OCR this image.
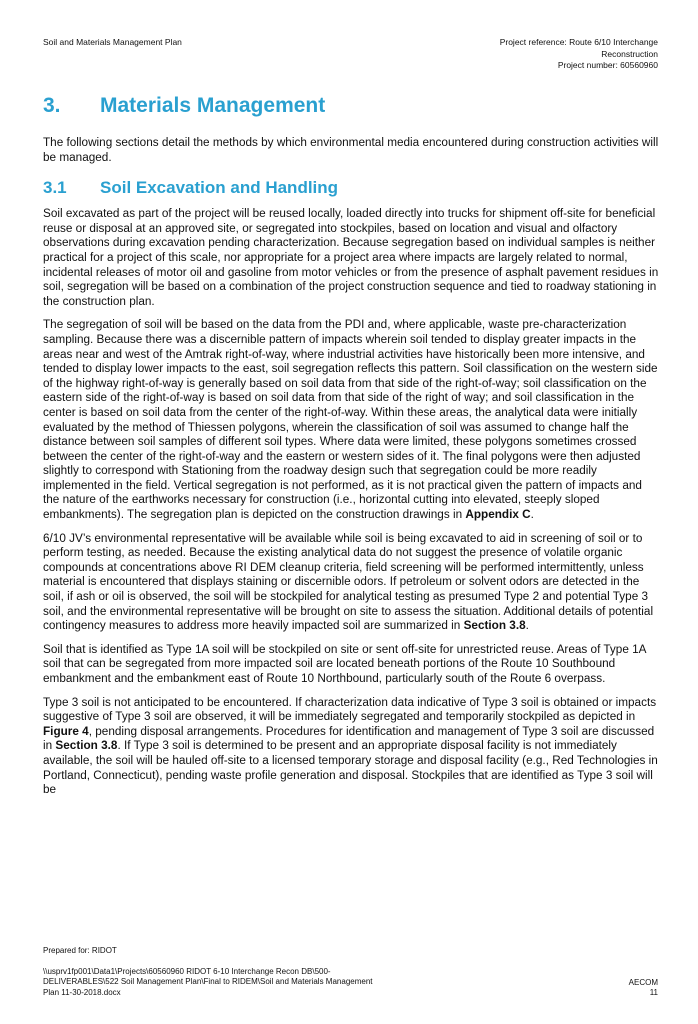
Soil and Materials Management Plan	Project reference: Route 6/10 Interchange
Reconstruction
Project number: 60560960
3. Materials Management

The following sections detail the methods by which environmental media encountered during construction activities will be managed.

3.1 Soil Excavation and Handling

Soil excavated as part of the project will be reused locally, loaded directly into trucks for shipment off-site for beneficial reuse or disposal at an approved site, or segregated into stockpiles, based on location and visual and olfactory observations during excavation pending characterization. Because segregation based on individual samples is neither practical for a project of this scale, nor appropriate for a project area where impacts are largely related to normal, incidental releases of motor oil and gasoline from motor vehicles or from the presence of asphalt pavement residues in soil, segregation will be based on a combination of the project construction sequence and tied to roadway stationing in the construction plan.

The segregation of soil will be based on the data from the PDI and, where applicable, waste pre-characterization sampling. Because there was a discernible pattern of impacts wherein soil tended to display greater impacts in the areas near and west of the Amtrak right-of-way, where industrial activities have historically been more intensive, and tended to display lower impacts to the east, soil segregation reflects this pattern. Soil classification on the western side of the highway right-of-way is generally based on soil data from that side of the right-of-way; soil classification on the eastern side of the right-of-way is based on soil data from that side of the right of way; and soil classification in the center is based on soil data from the center of the right-of-way. Within these areas, the analytical data were initially evaluated by the method of Thiessen polygons, wherein the classification of soil was assumed to change half the distance between soil samples of different soil types. Where data were limited, these polygons sometimes crossed between the center of the right-of-way and the eastern or western sides of it. The final polygons were then adjusted slightly to correspond with Stationing from the roadway design such that segregation could be more readily implemented in the field. Vertical segregation is not performed, as it is not practical given the pattern of impacts and the nature of the earthworks necessary for construction (i.e., horizontal cutting into elevated, steeply sloped embankments). The segregation plan is depicted on the construction drawings in Appendix C.

6/10 JV’s environmental representative will be available while soil is being excavated to aid in screening of soil or to perform testing, as needed. Because the existing analytical data do not suggest the presence of volatile organic compounds at concentrations above RI DEM cleanup criteria, field screening will be performed intermittently, unless material is encountered that displays staining or discernible odors. If petroleum or solvent odors are detected in the soil, if ash or oil is observed, the soil will be stockpiled for analytical testing as presumed Type 2 and potential Type 3 soil, and the environmental representative will be brought on site to assess the situation. Additional details of potential contingency measures to address more heavily impacted soil are summarized in Section 3.8.

Soil that is identified as Type 1A soil will be stockpiled on site or sent off-site for unrestricted reuse. Areas of Type 1A soil that can be segregated from more impacted soil are located beneath portions of the Route 10 Southbound embankment and the embankment east of Route 10 Northbound, particularly south of the Route 6 overpass.

Type 3 soil is not anticipated to be encountered. If characterization data indicative of Type 3 soil is obtained or impacts suggestive of Type 3 soil are observed, it will be immediately segregated and temporarily stockpiled as depicted in Figure 4, pending disposal arrangements. Procedures for identification and management of Type 3 soil are discussed in Section 3.8. If Type 3 soil is determined to be present and an appropriate disposal facility is not immediately available, the soil will be hauled off-site to a licensed temporary storage and disposal facility (e.g., Red Technologies in Portland, Connecticut), pending waste profile generation and disposal. Stockpiles that are identified as Type 3 soil will be

Prepared for: RIDOT
\\usprv1fp001\Data1\Projects\60560960 RIDOT 6-10 Interchange Recon DB\500-
DELIVERABLES\522 Soil Management Plan\Final to RIDEM\Soil and Materials Management
Plan 11-30-2018.docx
AECOM
11
